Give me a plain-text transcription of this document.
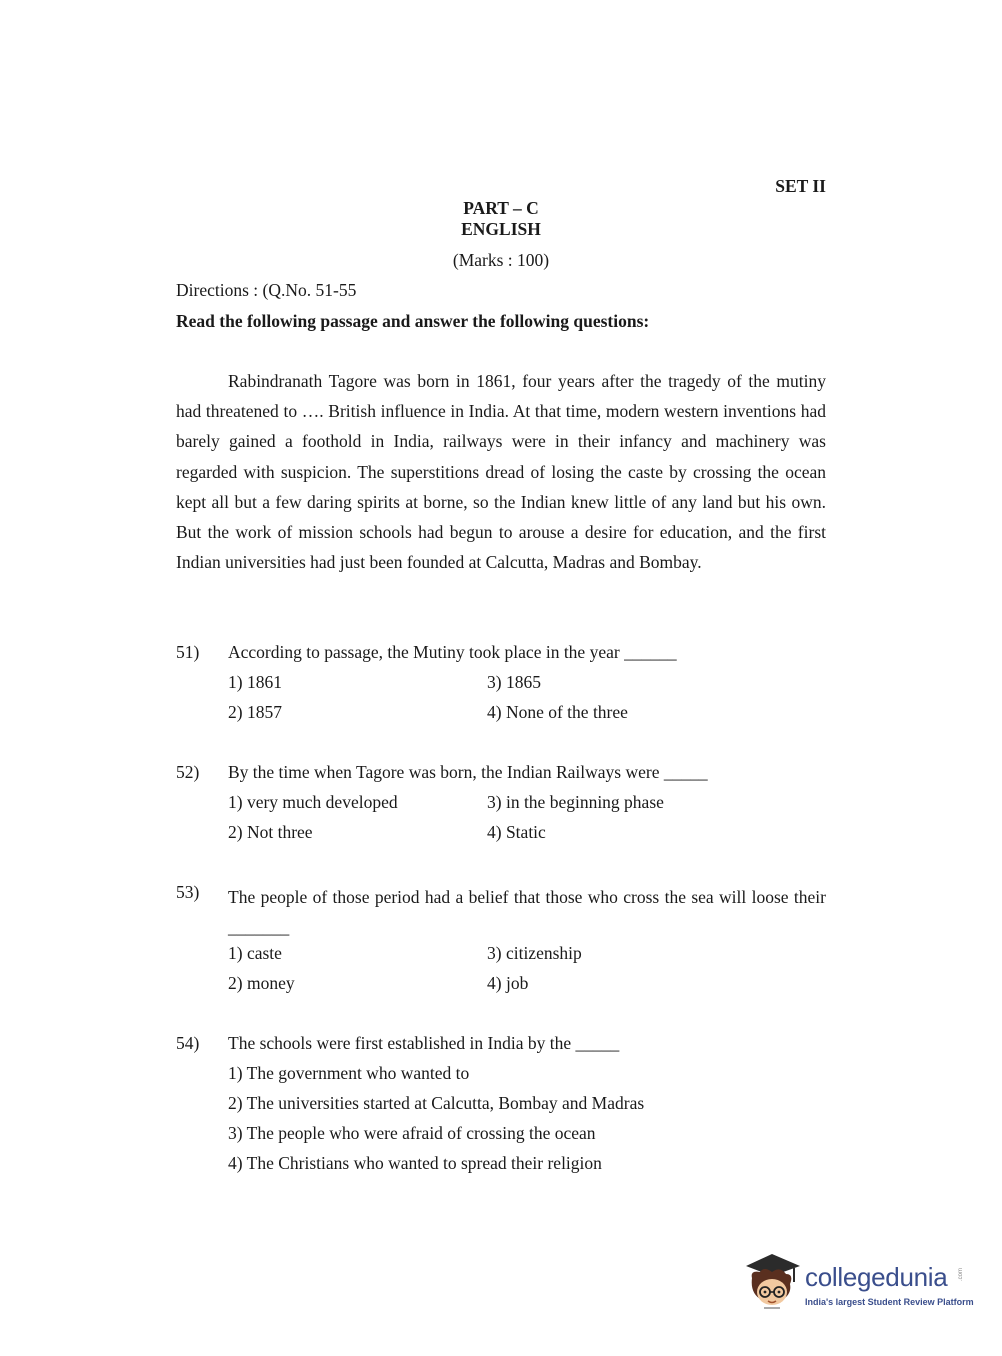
SET II
PART – C
ENGLISH
(Marks : 100)
Directions : (Q.No. 51-55
Read the following passage and answer the following questions:

Rabindranath Tagore was born in 1861, four years after the tragedy of the mutiny had threatened to …. British influence in India. At that time, modern western inventions had barely gained a foothold in India, railways were in their infancy and machinery was regarded with suspicion. The superstitions dread of losing the caste by crossing the ocean kept all but a few daring spirits at borne, so the Indian knew little of any land but his own. But the work of mission schools had begun to arouse a desire for education, and the first Indian universities had just been founded at Calcutta, Madras and Bombay.

51) According to passage, the Mutiny took place in the year ______
1) 1861	3) 1865
2) 1857	4) None of the three
52) By the time when Tagore was born, the Indian Railways were _____
1) very much developed	3) in the beginning phase
2) Not three	4) Static
53) The people of those period had a belief that those who cross the sea will loose their _______

1) caste	3) citizenship
2) money	4) job
54) The schools were first established in India by the _____
1) The government who wanted to
2) The universities started at Calcutta, Bombay and Madras
3) The people who were afraid of crossing the ocean
4) The Christians who wanted to spread their religion
collegedunia .com
India's largest Student Review Platform
